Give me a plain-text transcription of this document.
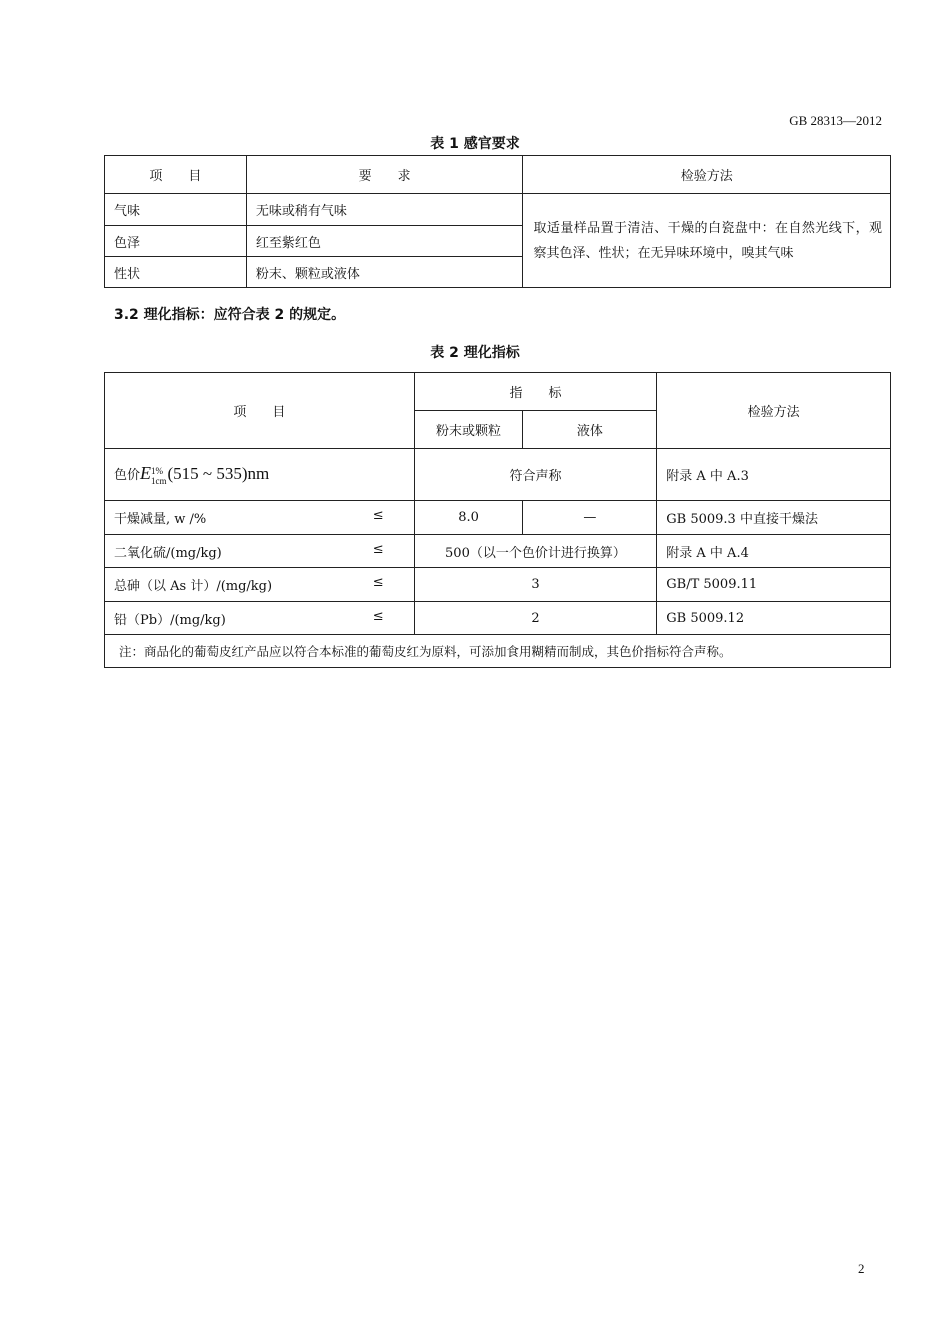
GB 28313—2012
表 1 感官要求
项　　目	要　　求	检验方法
气味	无味或稍有气味	取适量样品置于清洁、干燥的白瓷盘中：在自然光线下，观察其色泽、性状；在无异味环境中，嗅其气味
色泽	红至紫红色	
性状	粉末、颗粒或液体	
3.2 理化指标：应符合表 2 的规定。
表 2 理化指标
项　　目	指　　标		检验方法
	粉末或颗粒	液体	
色价E1%
1cm(515 ~ 535)nm	符合声称		附录 A 中 A.3
干燥减量, w /% ≤	8.0	—	GB 5009.3 中直接干燥法
二氧化硫/(mg/kg) ≤	500（以一个色价计进行换算）		附录 A 中 A.4
总砷（以 As 计）/(mg/kg) ≤	3		GB/T 5009.11
铅（Pb）/(mg/kg) ≤	2		GB 5009.12
注：商品化的葡萄皮红产品应以符合本标准的葡萄皮红为原料，可添加食用糊精而制成，其色价指标符合声称。			
2
